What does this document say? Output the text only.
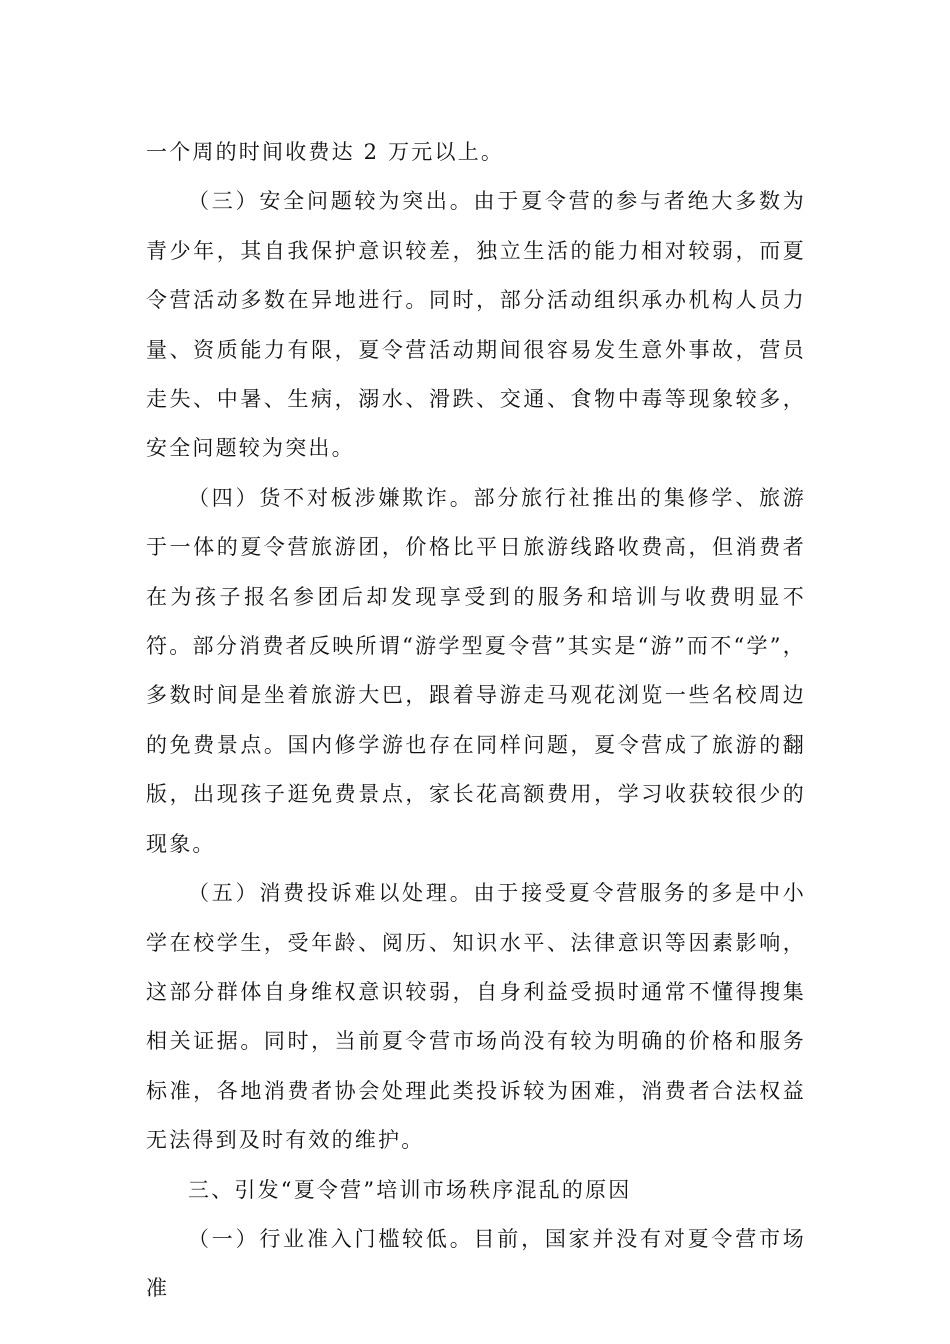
一个周的时间收费达 2 万元以上。

（三）安全问题较为突出。由于夏令营的参与者绝大多数为青少年，其自我保护意识较差，独立生活的能力相对较弱，而夏令营活动多数在异地进行。同时，部分活动组织承办机构人员力量、资质能力有限，夏令营活动期间很容易发生意外事故，营员走失、中暑、生病，溺水、滑跌、交通、食物中毒等现象较多，安全问题较为突出。

（四）货不对板涉嫌欺诈。部分旅行社推出的集修学、旅游于一体的夏令营旅游团，价格比平日旅游线路收费高，但消费者在为孩子报名参团后却发现享受到的服务和培训与收费明显不符。部分消费者反映所谓“游学型夏令营”其实是“游”而不“学”，多数时间是坐着旅游大巴，跟着导游走马观花浏览一些名校周边的免费景点。国内修学游也存在同样问题，夏令营成了旅游的翻版，出现孩子逛免费景点，家长花高额费用，学习收获较很少的现象。

（五）消费投诉难以处理。由于接受夏令营服务的多是中小学在校学生，受年龄、阅历、知识水平、法律意识等因素影响，这部分群体自身维权意识较弱，自身利益受损时通常不懂得搜集相关证据。同时，当前夏令营市场尚没有较为明确的价格和服务标准，各地消费者协会处理此类投诉较为困难，消费者合法权益无法得到及时有效的维护。

三、引发“夏令营”培训市场秩序混乱的原因

（一）行业准入门槛较低。目前，国家并没有对夏令营市场准
